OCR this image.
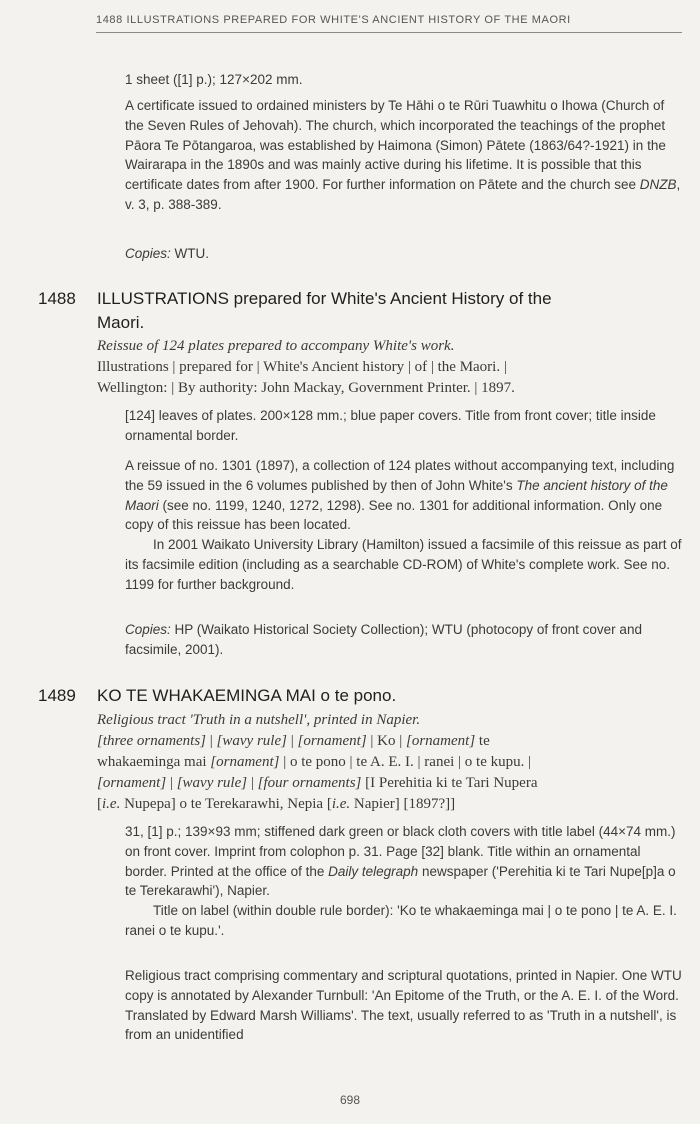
1488 ILLUSTRATIONS PREPARED FOR WHITE'S ANCIENT HISTORY OF THE MAORI

1 sheet ([1] p.); 127×202 mm.

A certificate issued to ordained ministers by Te Hāhi o te Rūri Tuawhitu o Ihowa (Church of the Seven Rules of Jehovah). The church, which incorporated the teachings of the prophet Pāora Te Pōtangaroa, was established by Haimona (Simon) Pātete (1863/64?-1921) in the Wairarapa in the 1890s and was mainly active during his lifetime. It is possible that this certificate dates from after 1900. For further information on Pātete and the church see DNZB, v. 3, p. 388-389.

Copies: WTU.

1488 ILLUSTRATIONS prepared for White's Ancient History of the
Maori.
Reissue of 124 plates prepared to accompany White's work.
Illustrations | prepared for | White's Ancient history | of | the Maori. |
Wellington: | By authority: John Mackay, Government Printer. | 1897.

[124] leaves of plates. 200×128 mm.; blue paper covers. Title from front cover; title inside ornamental border.

A reissue of no. 1301 (1897), a collection of 124 plates without accompanying text, including the 59 issued in the 6 volumes published by then of John White's The ancient history of the Maori (see no. 1199, 1240, 1272, 1298). See no. 1301 for additional information. Only one copy of this reissue has been located.

In 2001 Waikato University Library (Hamilton) issued a facsimile of this reissue as part of its facsimile edition (including as a searchable CD-ROM) of White's complete work. See no. 1199 for further background.

Copies: HP (Waikato Historical Society Collection); WTU (photocopy of front cover and facsimile, 2001).

1489 KO TE WHAKAEMINGA MAI o te pono.
Religious tract 'Truth in a nutshell', printed in Napier.
[three ornaments] | [wavy rule] | [ornament] | Ko | [ornament] te
whakaeminga mai [ornament] | o te pono | te A. E. I. | ranei | o te kupu. |
[ornament] | [wavy rule] | [four ornaments] [I Perehitia ki te Tari Nupera
[i.e. Nupepa] o te Terekarawhi, Nepia [i.e. Napier] [1897?]]

31, [1] p.; 139×93 mm; stiffened dark green or black cloth covers with title label (44×74 mm.) on front cover. Imprint from colophon p. 31. Page [32] blank. Title within an ornamental border. Printed at the office of the Daily telegraph newspaper ('Perehitia ki te Tari Nupe[p]a o te Terekarawhi'), Napier.

Title on label (within double rule border): 'Ko te whakaeminga mai | o te pono | te A. E. I. ranei o te kupu.'.

Religious tract comprising commentary and scriptural quotations, printed in Napier. One WTU copy is annotated by Alexander Turnbull: 'An Epitome of the Truth, or the A. E. I. of the Word. Translated by Edward Marsh Williams'. The text, usually referred to as 'Truth in a nutshell', is from an unidentified

698
